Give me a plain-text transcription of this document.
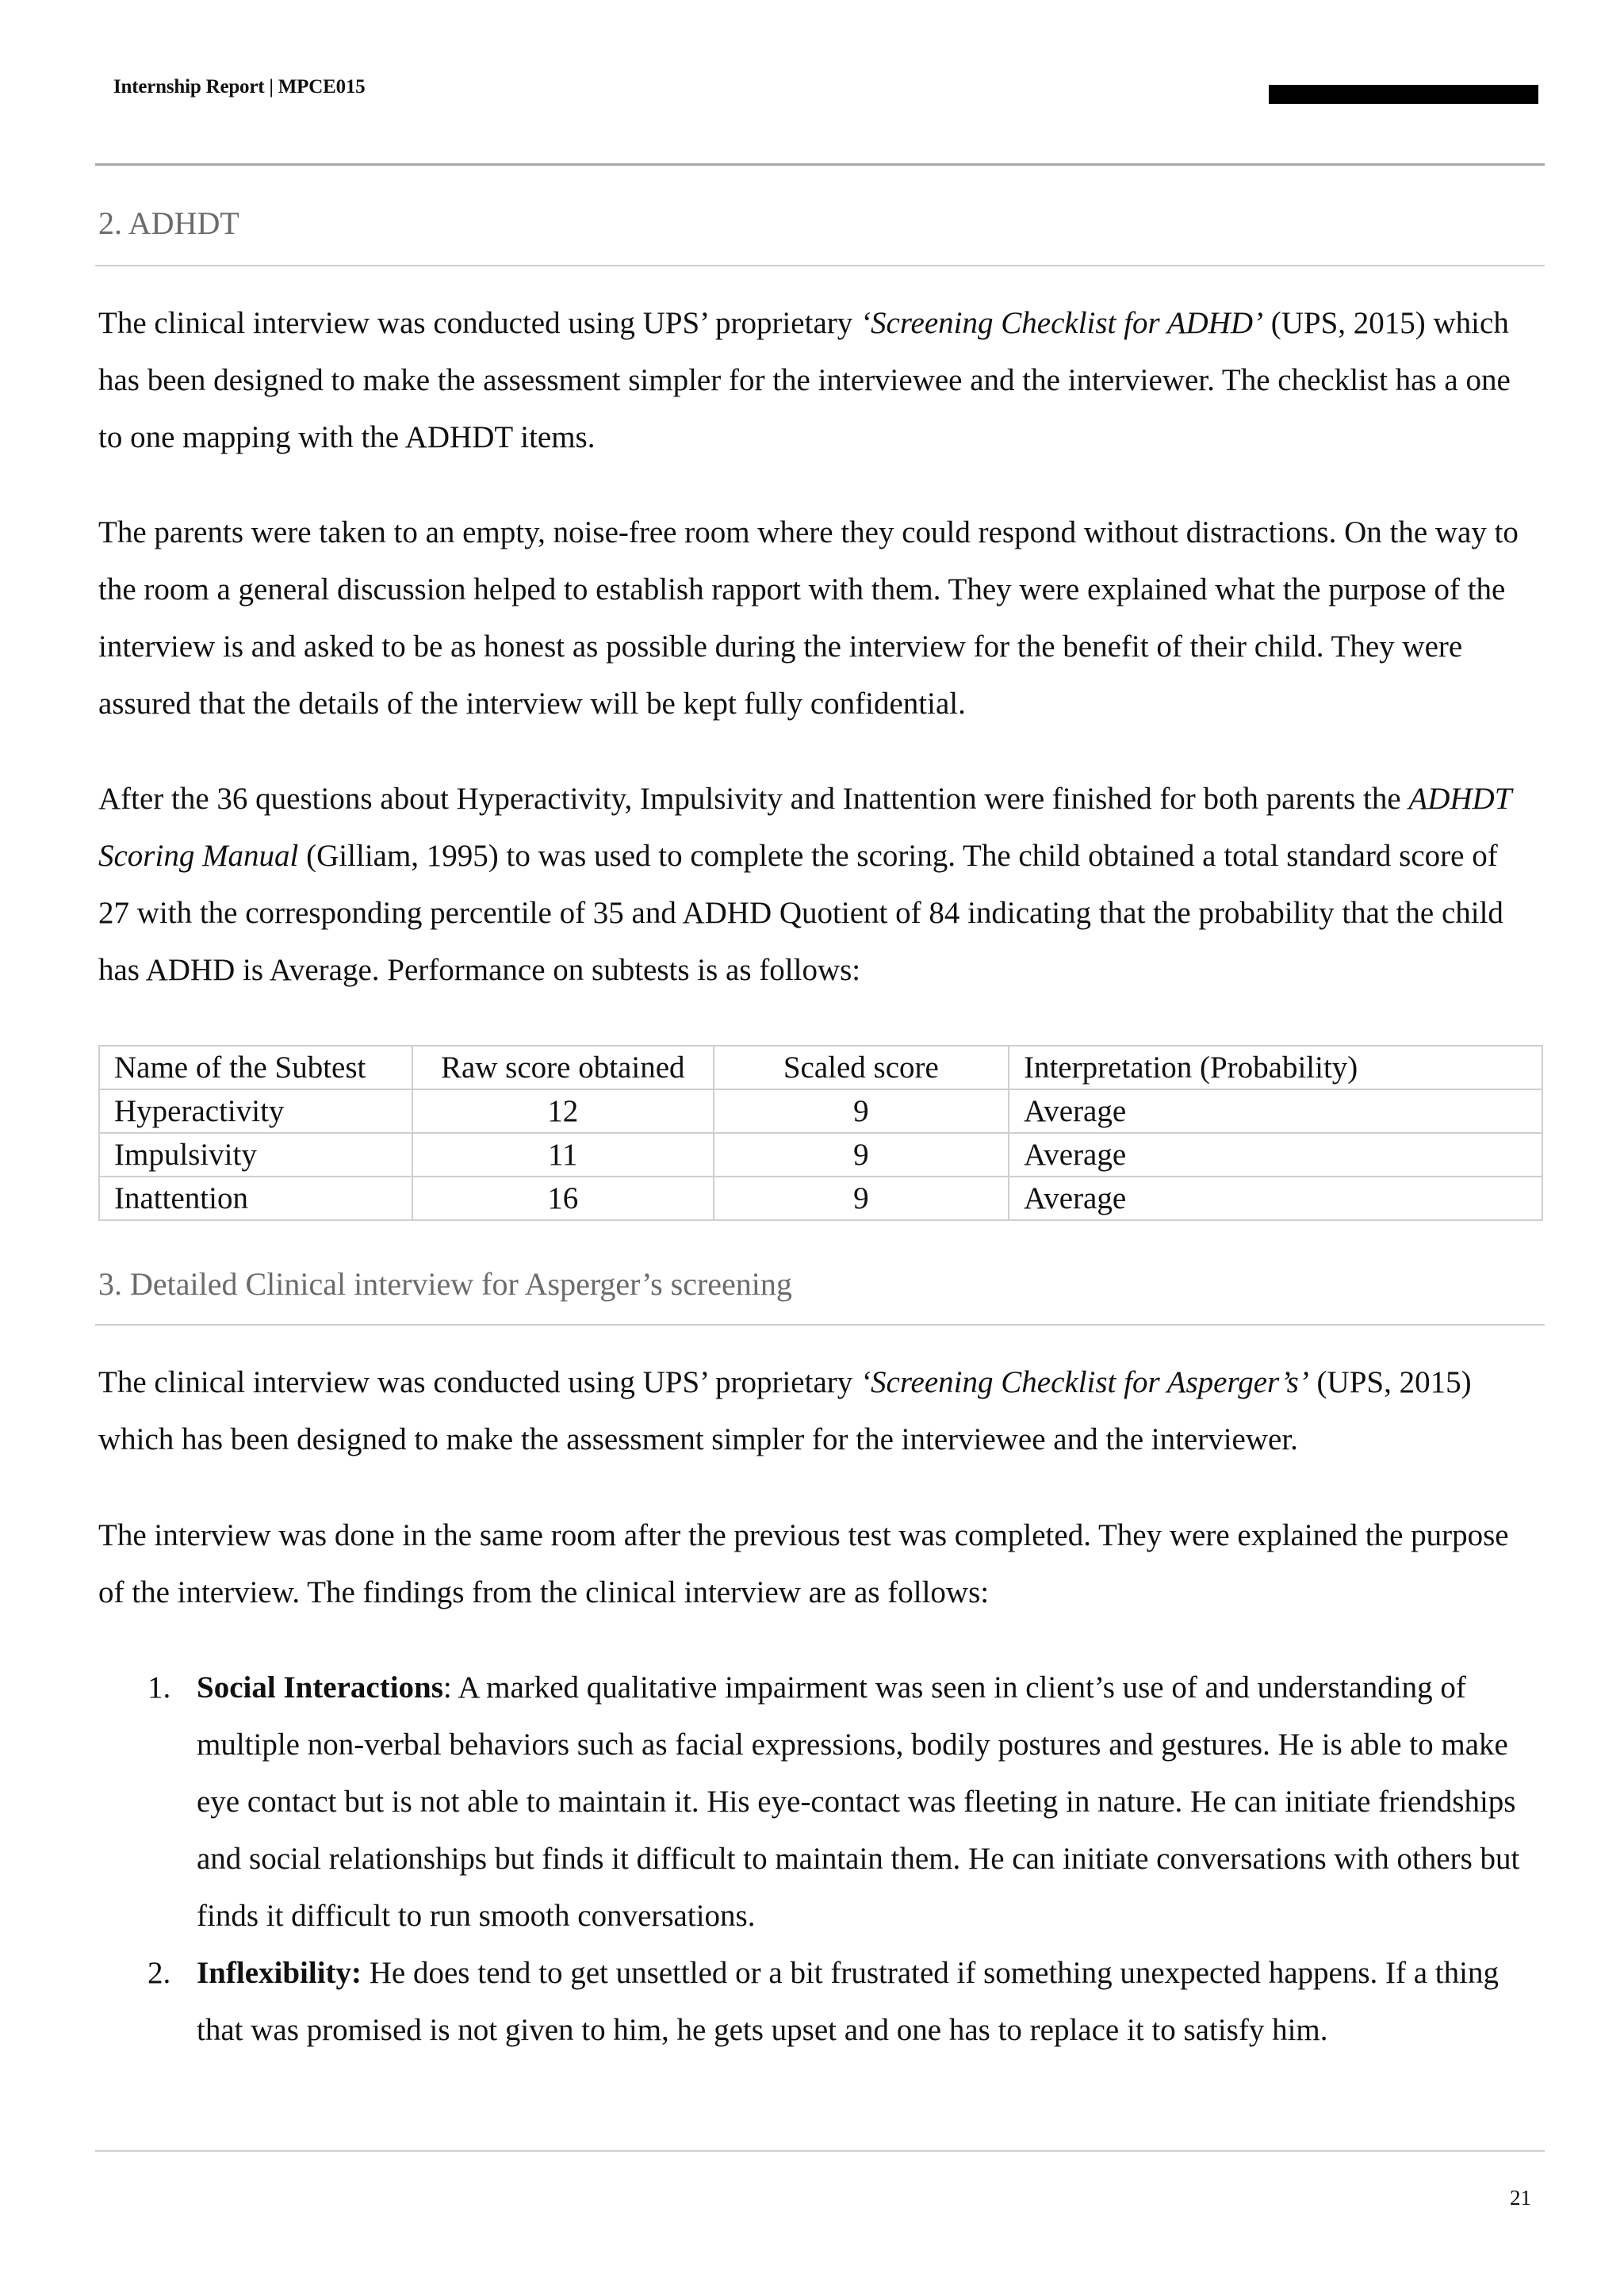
Internship Report | MPCE015
2. ADHDT
The clinical interview was conducted using UPS’ proprietary ‘Screening Checklist for ADHD’ (UPS, 2015) which has been designed to make the assessment simpler for the interviewee and the interviewer. The checklist has a one to one mapping with the ADHDT items.
The parents were taken to an empty, noise-free room where they could respond without distractions. On the way to the room a general discussion helped to establish rapport with them. They were explained what the purpose of the interview is and asked to be as honest as possible during the interview for the benefit of their child. They were assured that the details of the interview will be kept fully confidential.
After the 36 questions about Hyperactivity, Impulsivity and Inattention were finished for both parents the ADHDT Scoring Manual (Gilliam, 1995) to was used to complete the scoring. The child obtained a total standard score of 27 with the corresponding percentile of 35 and ADHD Quotient of 84 indicating that the probability that the child has ADHD is Average. Performance on subtests is as follows:
Name of the Subtest	Raw score obtained	Scaled score	Interpretation (Probability)
Hyperactivity	12	9	Average
Impulsivity	11	9	Average
Inattention	16	9	Average
3. Detailed Clinical interview for Asperger’s screening
The clinical interview was conducted using UPS’ proprietary ‘Screening Checklist for Asperger’s’ (UPS, 2015) which has been designed to make the assessment simpler for the interviewee and the interviewer.
The interview was done in the same room after the previous test was completed. They were explained the purpose of the interview. The findings from the clinical interview are as follows:
1. Social Interactions: A marked qualitative impairment was seen in client’s use of and understanding of multiple non-verbal behaviors such as facial expressions, bodily postures and gestures. He is able to make eye contact but is not able to maintain it. His eye-contact was fleeting in nature. He can initiate friendships and social relationships but finds it difficult to maintain them. He can initiate conversations with others but finds it difficult to run smooth conversations.
2. Inflexibility: He does tend to get unsettled or a bit frustrated if something unexpected happens. If a thing that was promised is not given to him, he gets upset and one has to replace it to satisfy him.
21
